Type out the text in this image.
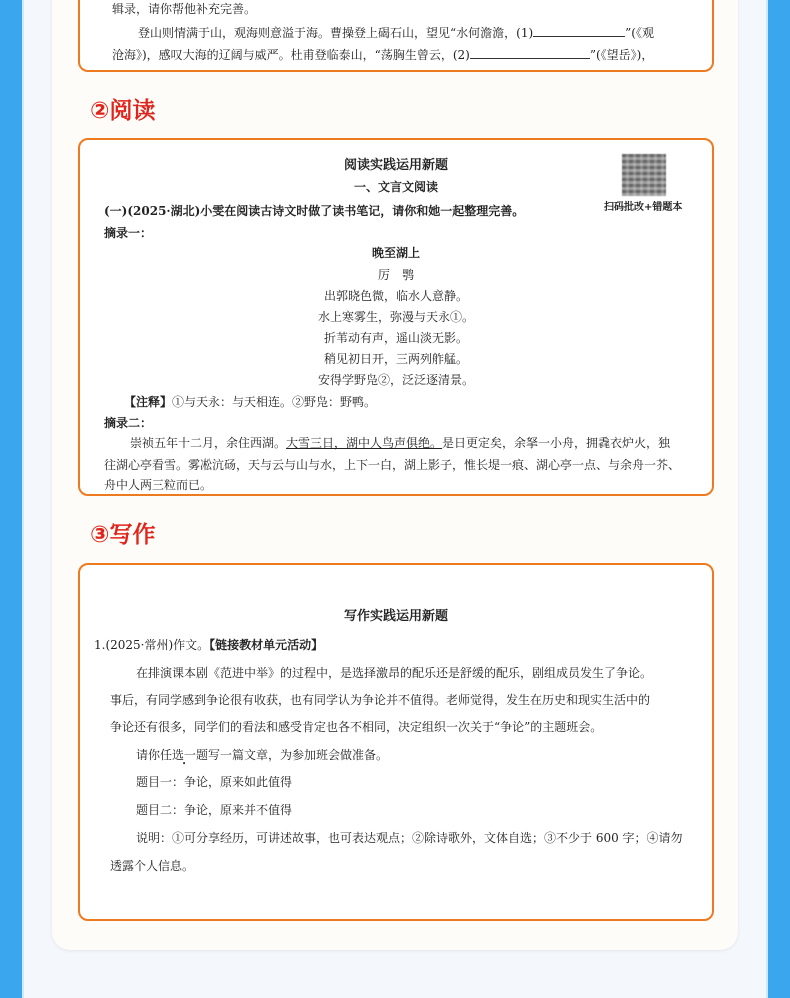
辑录，请你帮他补充完善。
登山则情满于山，观海则意溢于海。曹操登上碣石山，望见“水何澹澹，(1)	”(《观
沧海》)，感叹大海的辽阔与威严。杜甫登临泰山，“荡胸生曾云，(2)	”(《望岳》)，
②阅读
阅读实践运用新题
一、文言文阅读
扫码批改+错题本
(一)(2025·湖北)小雯在阅读古诗文时做了读书笔记，请你和她一起整理完善。
摘录一：
晚至湖上
厉　鹗
出郭晓色微，临水人意静。
水上寒雾生，弥漫与天永①。
折苇动有声，遥山淡无影。
稍见初日开，三两列舴艋。
安得学野凫②，泛泛逐清景。
【注释】①与天永：与天相连。②野凫：野鸭。
摘录二：
崇祯五年十二月，余住西湖。大雪三日，湖中人鸟声俱绝。是日更定矣，余拏一小舟，拥毳衣炉火，独
往湖心亭看雪。雾凇沆砀，天与云与山与水，上下一白，湖上影子，惟长堤一痕、湖心亭一点、与余舟一芥、
舟中人两三粒而已。
③写作
写作实践运用新题
1.(2025·常州)作文。【链接教材单元活动】
在排演课本剧《范进中举》的过程中，是选择激昂的配乐还是舒缓的配乐，剧组成员发生了争论。
事后，有同学感到争论很有收获，也有同学认为争论并不值得。老师觉得，发生在历史和现实生活中的
争论还有很多，同学们的看法和感受肯定也各不相同，决定组织一次关于“争论”的主题班会。
请你任选一题写一篇文章，为参加班会做准备。
题目一：争论，原来如此值得
题目二：争论，原来并不值得
说明：①可分享经历，可讲述故事，也可表达观点；②除诗歌外，文体自选；③不少于 600 字；④请勿
透露个人信息。
